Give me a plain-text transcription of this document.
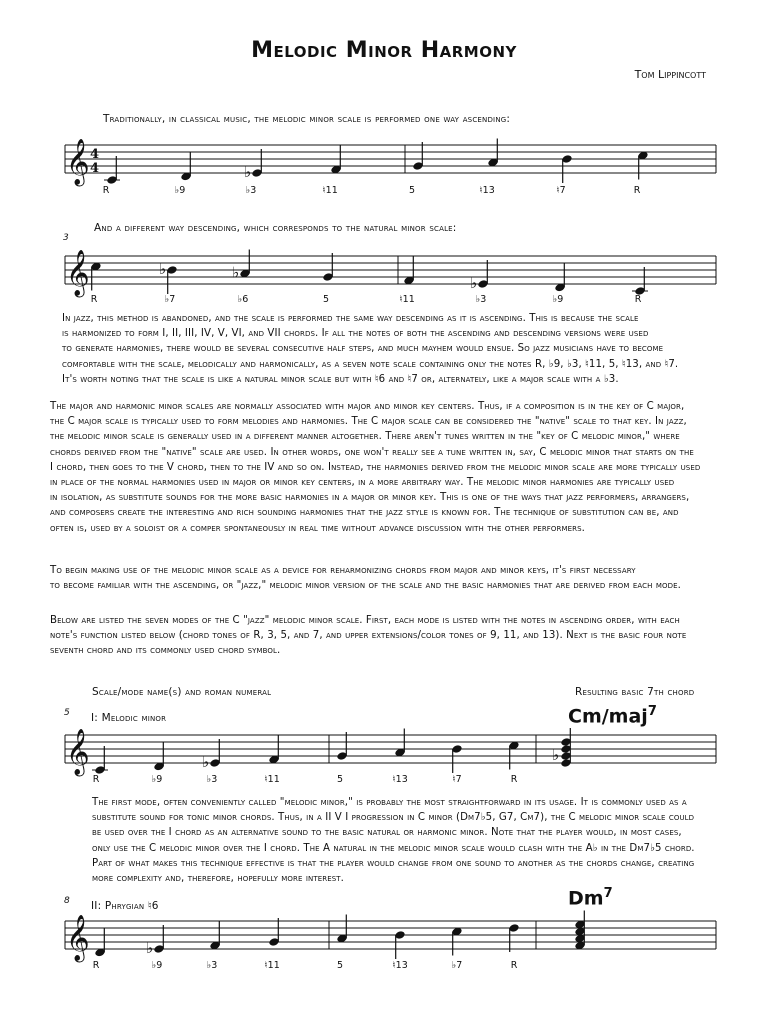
Melodic Minor Harmony
Tom Lippincott
Traditionally, in classical music, the melodic minor scale is performed one way ascending:
𝄞 4
4	♭
R	♭9	♭3	♮11	5	♮13	♮7	R
And a different way descending, which corresponds to the natural minor scale:
3
𝄞	♭	♭
♭
R	♭7	♭6	5	♮11	♭3	♭9	R

In jazz, this method is abandoned, and the scale is performed the same way descending as it is ascending. This is because the scale

is harmonized to form I, II, III, IV, V, VI, and VII chords. If all the notes of both the ascending and descending versions were used

to generate harmonies, there would be several consecutive half steps, and much mayhem would ensue. So jazz musicians have to become

comfortable with the scale, melodically and harmonically, as a seven note scale containing only the notes R, ♭9, ♭3, ♮11, 5, ♮13, and ♮7.

It's worth noting that the scale is like a natural minor scale but with ♮6 and ♮7 or, alternately, like a major scale with a ♭3.

The major and harmonic minor scales are normally associated with major and minor key centers. Thus, if a composition is in the key of C major,

the C major scale is typically used to form melodies and harmonies. The C major scale can be considered the "native" scale to that key. In jazz,

the melodic minor scale is generally used in a different manner altogether. There aren't tunes written in the "key of C melodic minor," where

chords derived from the "native" scale are used. In other words, one won't really see a tune written in, say, C melodic minor that starts on the

I chord, then goes to the V chord, then to the IV and so on. Instead, the harmonies derived from the melodic minor scale are more typically used

in place of the normal harmonies used in major or minor key centers, in a more arbitrary way. The melodic minor harmonies are typically used

in isolation, as substitute sounds for the more basic harmonies in a major or minor key. This is one of the ways that jazz performers, arrangers,

and composers create the interesting and rich sounding harmonies that the jazz style is known for. The technique of substitution can be, and

often is, used by a soloist or a comper spontaneously in real time without advance discussion with the other performers.

To begin making use of the melodic minor scale as a device for reharmonizing chords from major and minor keys, it's first necessary

to become familiar with the ascending, or "jazz," melodic minor version of the scale and the basic harmonies that are derived from each mode.

Below are listed the seven modes of the C "jazz" melodic minor scale. First, each mode is listed with the notes in ascending order, with each

note's function listed below (chord tones of R, 3, 5, and 7, and upper extensions/color tones of 9, 11, and 13). Next is the basic four note

seventh chord and its commonly used chord symbol.

Scale/mode name(s) and roman numeral	Resulting basic 7th chord
5 I: Melodic minor	Cm/maj$^7$
𝄞	♭
R	♭9	♭3	♮11	5	♮13	♮7	R
♭

The first mode, often conveniently called "melodic minor," is probably the most straightforward in its usage. It is commonly used as a

substitute sound for tonic minor chords. Thus, in a II V I progression in C minor (Dm7♭5, G7, Cm7), the C melodic minor scale could

be used over the I chord as an alternative sound to the basic natural or harmonic minor. Note that the player would, in most cases,

only use the C melodic minor over the I chord. The A natural in the melodic minor scale would clash with the A♭ in the Dm7♭5 chord.

Part of what makes this technique effective is that the player would change from one sound to another as the chords change, creating

more complexity and, therefore, hopefully more interest.

8 II: Phrygian ♮6	Dm$^7$
𝄞	♭
R	♭9	♭3	♮11	5	♮13	♭7	R
